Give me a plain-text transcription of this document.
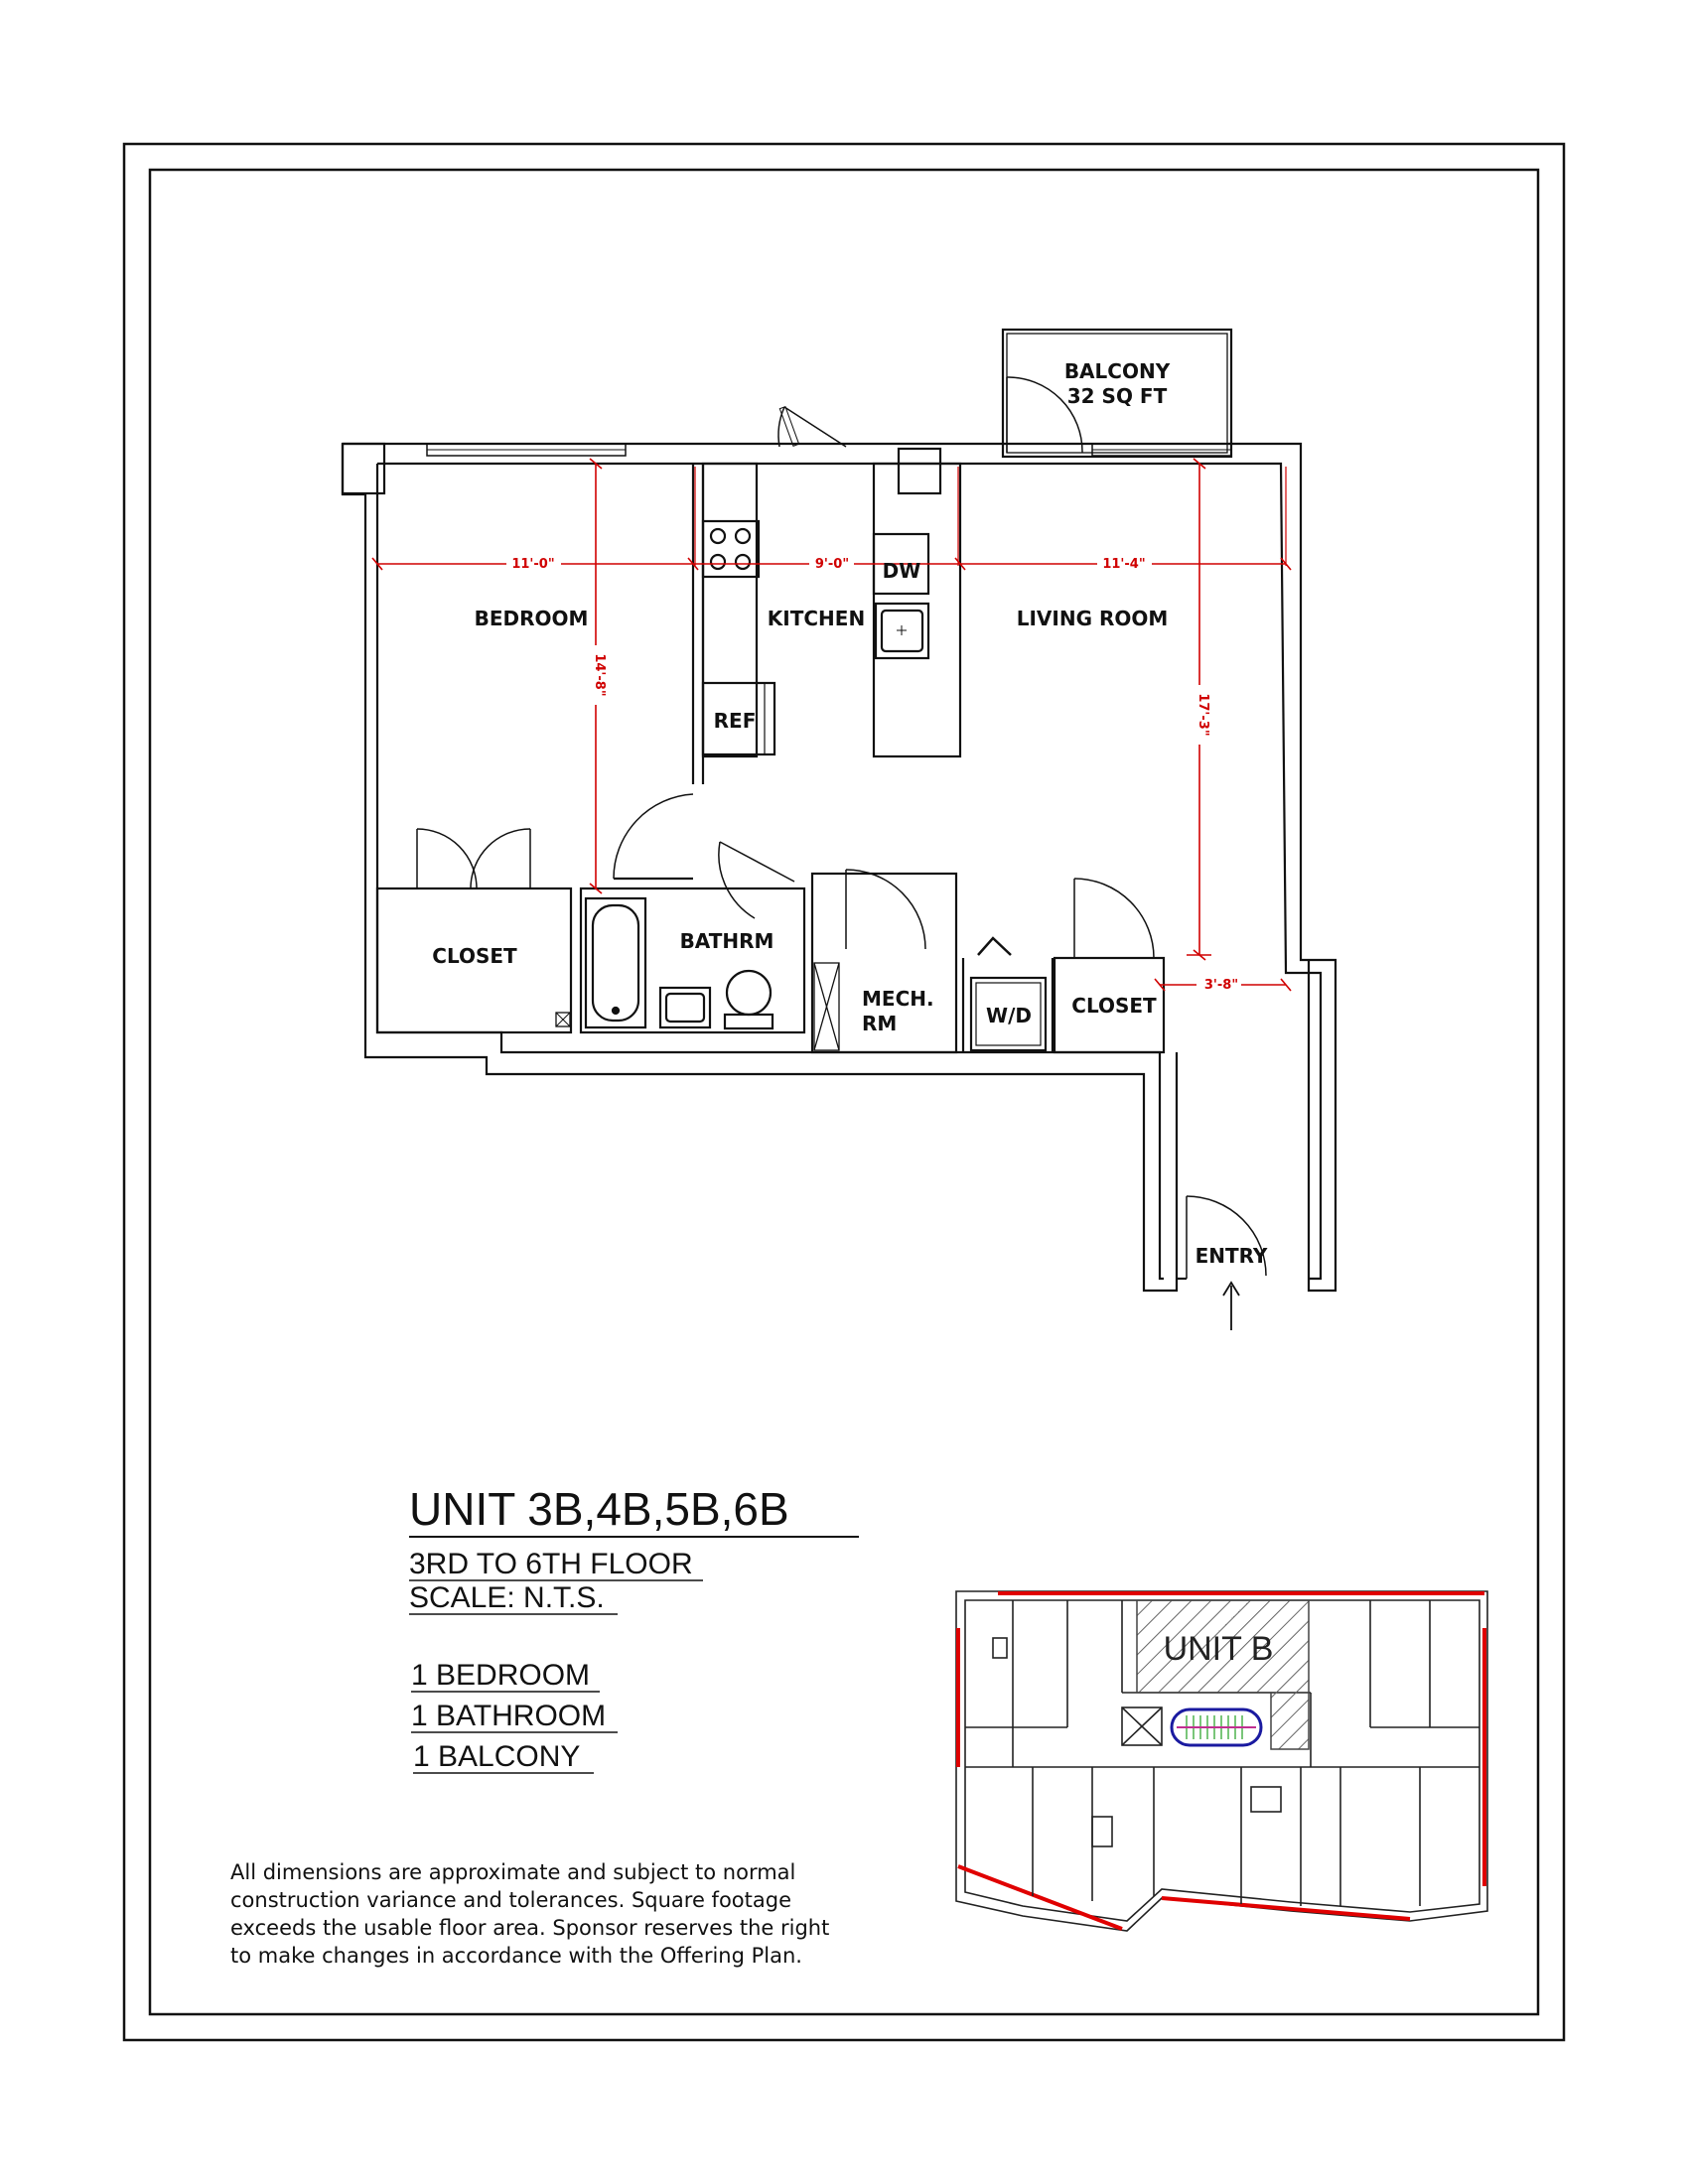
11'-0"	9'-0"	11'-4"
14'-8"
17'-3"
3'-8"
BALCONY
32 SQ FT
BEDROOM	KITCHEN	LIVING ROOM
DW
REF
CLOSET
BATHRM
MECH.
RM	W/D CLOSET
ENTRY
UNIT 3B,4B,5B,6B
3RD TO 6TH FLOOR
SCALE: N.T.S.
1 BEDROOM
1 BATHROOM
1 BALCONY
All dimensions are approximate and subject to normal
construction variance and tolerances. Square footage
exceeds the usable floor area. Sponsor reserves the right
to make changes in accordance with the Offering Plan.
UNIT B
